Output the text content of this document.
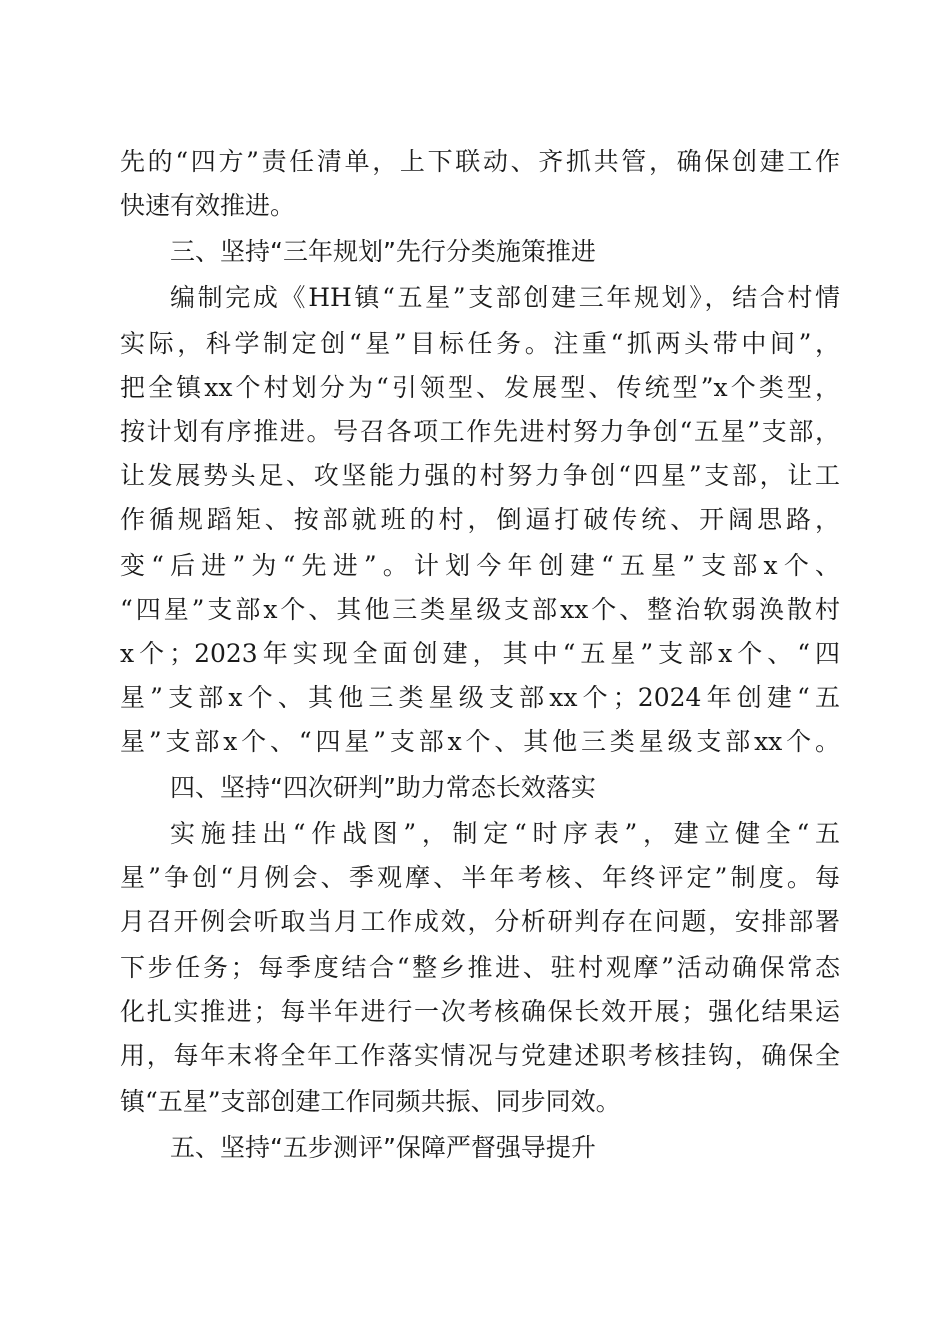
先的“四方”责任清单，上下联动、齐抓共管，确保创建工作
快速有效推进。
三、坚持“三年规划”先行分类施策推进
编制完成《HH镇“五星”支部创建三年规划》，结合村情
实际，科学制定创“星”目标任务。注重“抓两头带中间”，
把全镇xx个村划分为“引领型、发展型、传统型”x个类型，
按计划有序推进。号召各项工作先进村努力争创“五星”支部，
让发展势头足、攻坚能力强的村努力争创“四星”支部，让工
作循规蹈矩、按部就班的村，倒逼打破传统、开阔思路，
变“后进”为“先进”。计划今年创建“五星”支部x个、
“四星”支部x个、其他三类星级支部xx个、整治软弱涣散村
x个；2023年实现全面创建，其中“五星”支部x个、“四
星”支部x个、其他三类星级支部xx个；2024年创建“五
星”支部x个、“四星”支部x个、其他三类星级支部xx个。
四、坚持“四次研判”助力常态长效落实
实施挂出“作战图”，制定“时序表”，建立健全“五
星”争创“月例会、季观摩、半年考核、年终评定”制度。每
月召开例会听取当月工作成效，分析研判存在问题，安排部署
下步任务；每季度结合“整乡推进、驻村观摩”活动确保常态
化扎实推进；每半年进行一次考核确保长效开展；强化结果运
用，每年末将全年工作落实情况与党建述职考核挂钩，确保全
镇“五星”支部创建工作同频共振、同步同效。
五、坚持“五步测评”保障严督强导提升
